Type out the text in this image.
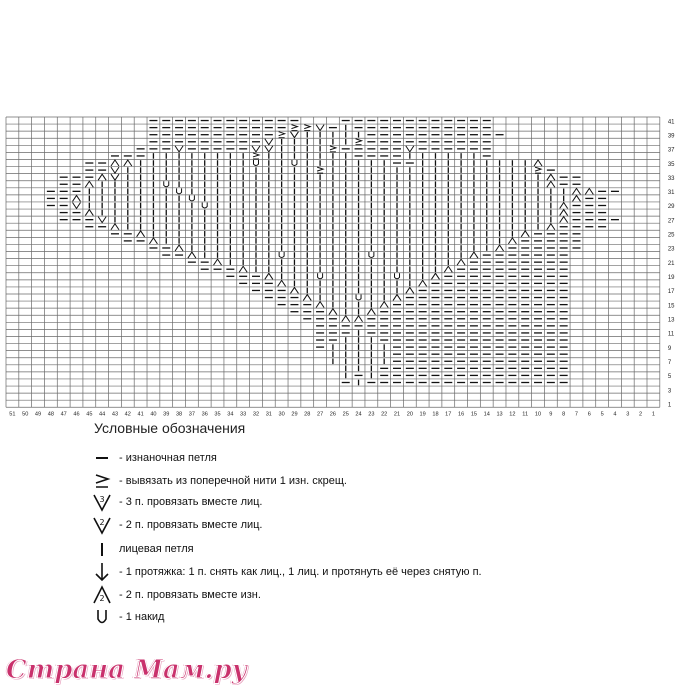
41
39
37
35
33
31
29
27
25
23
21
19
17
15
13
11
9
7
5
3
1
51 50 49 48 47 46 45 44 43 42 41 40 39 38 37 36 35 34 33 32 31 30 29 28 27 26 25 24 23 22 21 20 19 18 17 16 15 14 13 12 11 10 9 8 7 6 5 4 3 2 1
Условные обозначения
- изнаночная петля
- вывязать из поперечной нити 1 изн. скрещ.
3 - 3 п. провязать вместе лиц.
2 - 2 п. провязать вместе лиц.
лицевая петля
- 1 протяжка: 1 п. снять как лиц., 1 лиц. и протянуть её через снятую п.
2 - 2 п. провязать вместе изн.
- 1 накид
Страна Мам.ру
